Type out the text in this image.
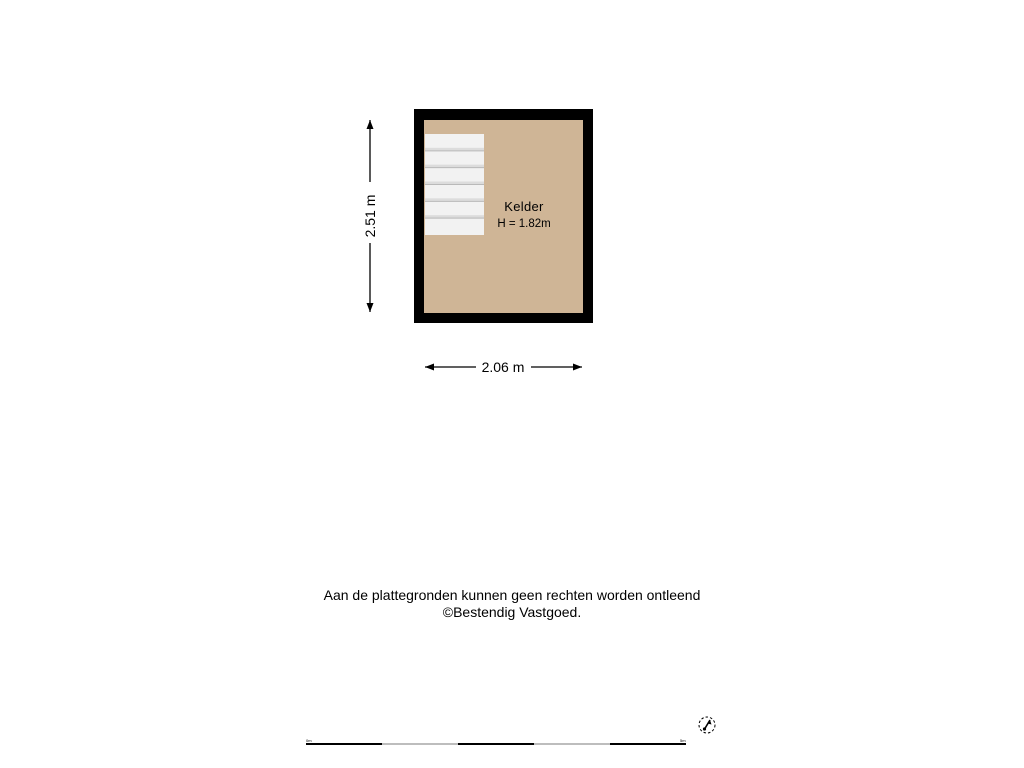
Kelder
H = 1.82m
2.51 m
2.06 m
0m	5m
Aan de plattegronden kunnen geen rechten worden ontleend
©Bestendig Vastgoed.
